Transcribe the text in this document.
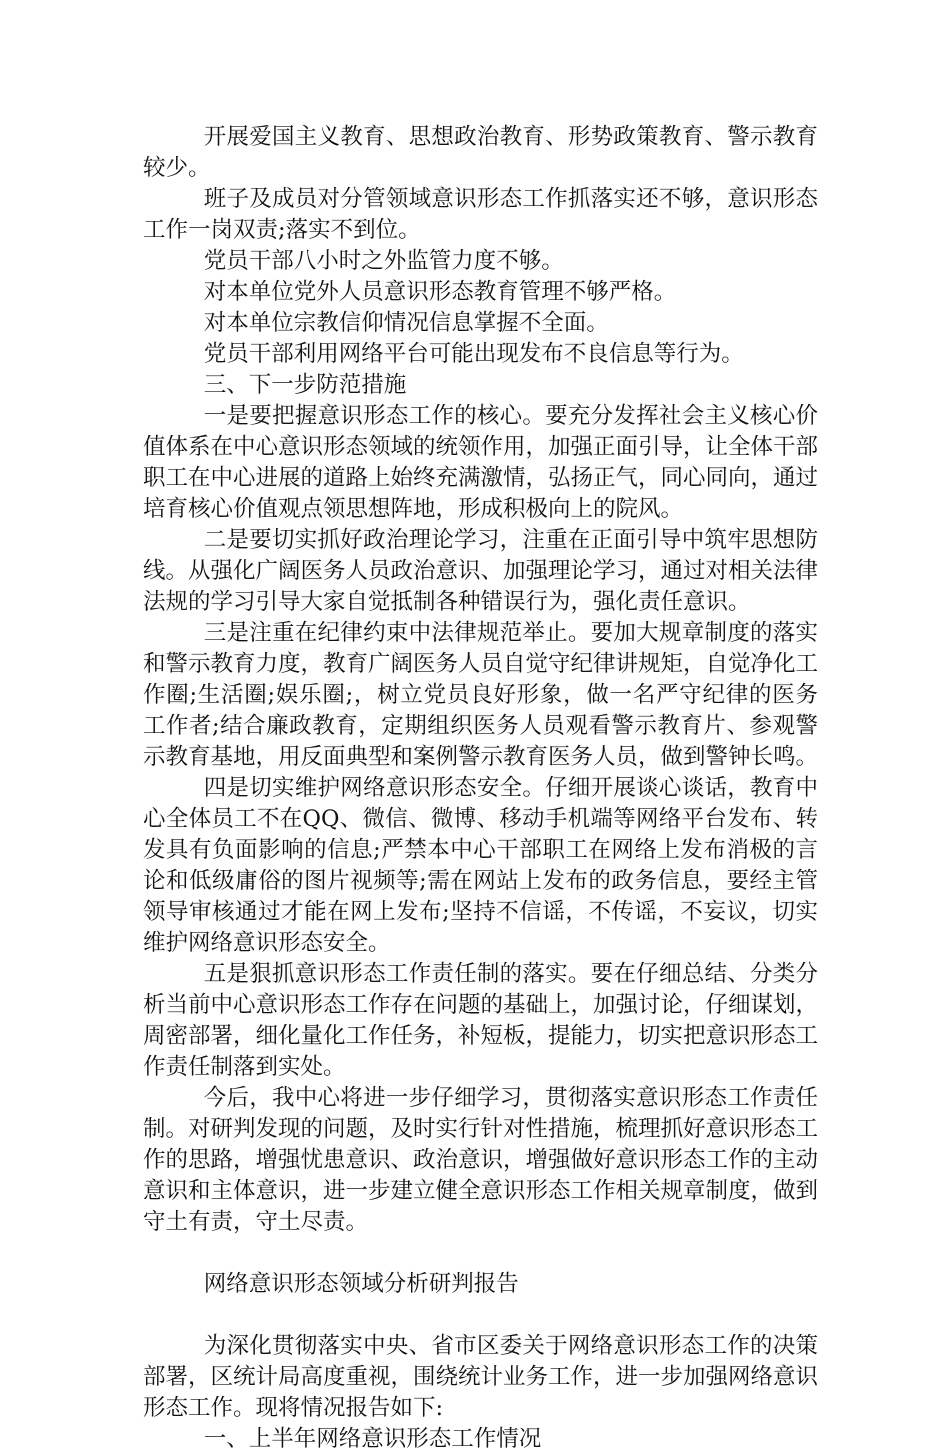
开展爱国主义教育、思想政治教育、形势政策教育、警示教育较少。

班子及成员对分管领域意识形态工作抓落实还不够，意识形态工作一岗双责;落实不到位。

党员干部八小时之外监管力度不够。

对本单位党外人员意识形态教育管理不够严格。

对本单位宗教信仰情况信息掌握不全面。

党员干部利用网络平台可能出现发布不良信息等行为。

三、下一步防范措施

一是要把握意识形态工作的核心。要充分发挥社会主义核心价值体系在中心意识形态领域的统领作用，加强正面引导，让全体干部职工在中心进展的道路上始终充满激情，弘扬正气，同心同向，通过培育核心价值观点领思想阵地，形成积极向上的院风。

二是要切实抓好政治理论学习，注重在正面引导中筑牢思想防线。从强化广阔医务人员政治意识、加强理论学习，通过对相关法律法规的学习引导大家自觉抵制各种错误行为，强化责任意识。

三是注重在纪律约束中法律规范举止。要加大规章制度的落实和警示教育力度，教育广阔医务人员自觉守纪律讲规矩，自觉净化工作圈;生活圈;娱乐圈;，树立党员良好形象，做一名严守纪律的医务工作者;结合廉政教育，定期组织医务人员观看警示教育片、参观警示教育基地，用反面典型和案例警示教育医务人员，做到警钟长鸣。

四是切实维护网络意识形态安全。仔细开展谈心谈话，教育中心全体员工不在QQ、微信、微博、移动手机端等网络平台发布、转发具有负面影响的信息;严禁本中心干部职工在网络上发布消极的言论和低级庸俗的图片视频等;需在网站上发布的政务信息，要经主管领导审核通过才能在网上发布;坚持不信谣，不传谣，不妄议，切实维护网络意识形态安全。

五是狠抓意识形态工作责任制的落实。要在仔细总结、分类分析当前中心意识形态工作存在问题的基础上，加强讨论，仔细谋划，周密部署，细化量化工作任务，补短板，提能力，切实把意识形态工作责任制落到实处。

今后，我中心将进一步仔细学习，贯彻落实意识形态工作责任制。对研判发现的问题，及时实行针对性措施，梳理抓好意识形态工作的思路，增强忧患意识、政治意识，增强做好意识形态工作的主动意识和主体意识，进一步建立健全意识形态工作相关规章制度，做到守土有责，守土尽责。

网络意识形态领域分析研判报告

为深化贯彻落实中央、省市区委关于网络意识形态工作的决策部署，区统计局高度重视，围绕统计业务工作，进一步加强网络意识形态工作。现将情况报告如下:

一、上半年网络意识形态工作情况
